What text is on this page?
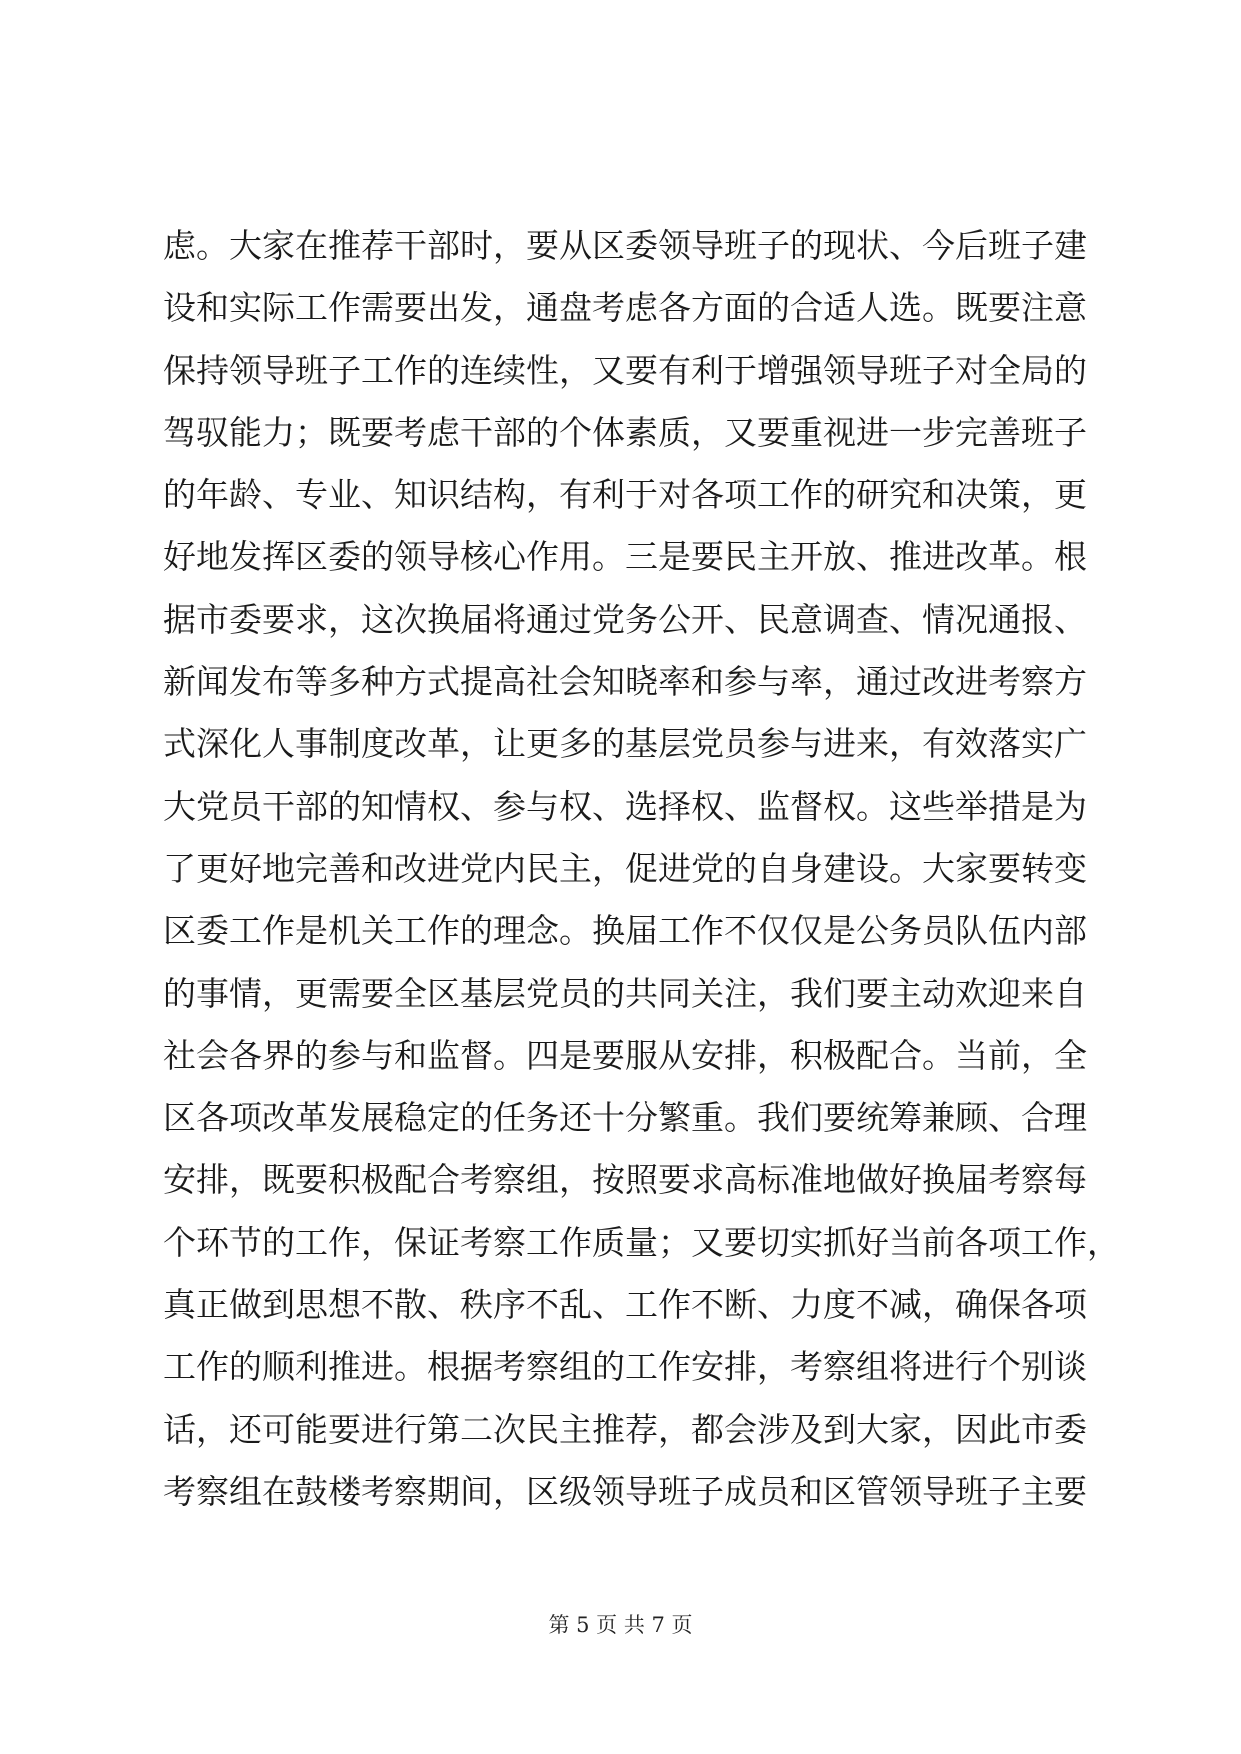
虑。大家在推荐干部时，要从区委领导班子的现状、今后班子建
设和实际工作需要出发，通盘考虑各方面的合适人选。既要注意
保持领导班子工作的连续性，又要有利于增强领导班子对全局的
驾驭能力；既要考虑干部的个体素质，又要重视进一步完善班子
的年龄、专业、知识结构，有利于对各项工作的研究和决策，更
好地发挥区委的领导核心作用。三是要民主开放、推进改革。根
据市委要求，这次换届将通过党务公开、民意调查、情况通报、
新闻发布等多种方式提高社会知晓率和参与率，通过改进考察方
式深化人事制度改革，让更多的基层党员参与进来，有效落实广
大党员干部的知情权、参与权、选择权、监督权。这些举措是为
了更好地完善和改进党内民主，促进党的自身建设。大家要转变
区委工作是机关工作的理念。换届工作不仅仅是公务员队伍内部
的事情，更需要全区基层党员的共同关注，我们要主动欢迎来自
社会各界的参与和监督。四是要服从安排，积极配合。当前，全
区各项改革发展稳定的任务还十分繁重。我们要统筹兼顾、合理
安排，既要积极配合考察组，按照要求高标准地做好换届考察每
个环节的工作，保证考察工作质量；又要切实抓好当前各项工作，
真正做到思想不散、秩序不乱、工作不断、力度不减，确保各项
工作的顺利推进。根据考察组的工作安排，考察组将进行个别谈
话，还可能要进行第二次民主推荐，都会涉及到大家，因此市委
考察组在鼓楼考察期间，区级领导班子成员和区管领导班子主要
第 5 页 共 7 页
